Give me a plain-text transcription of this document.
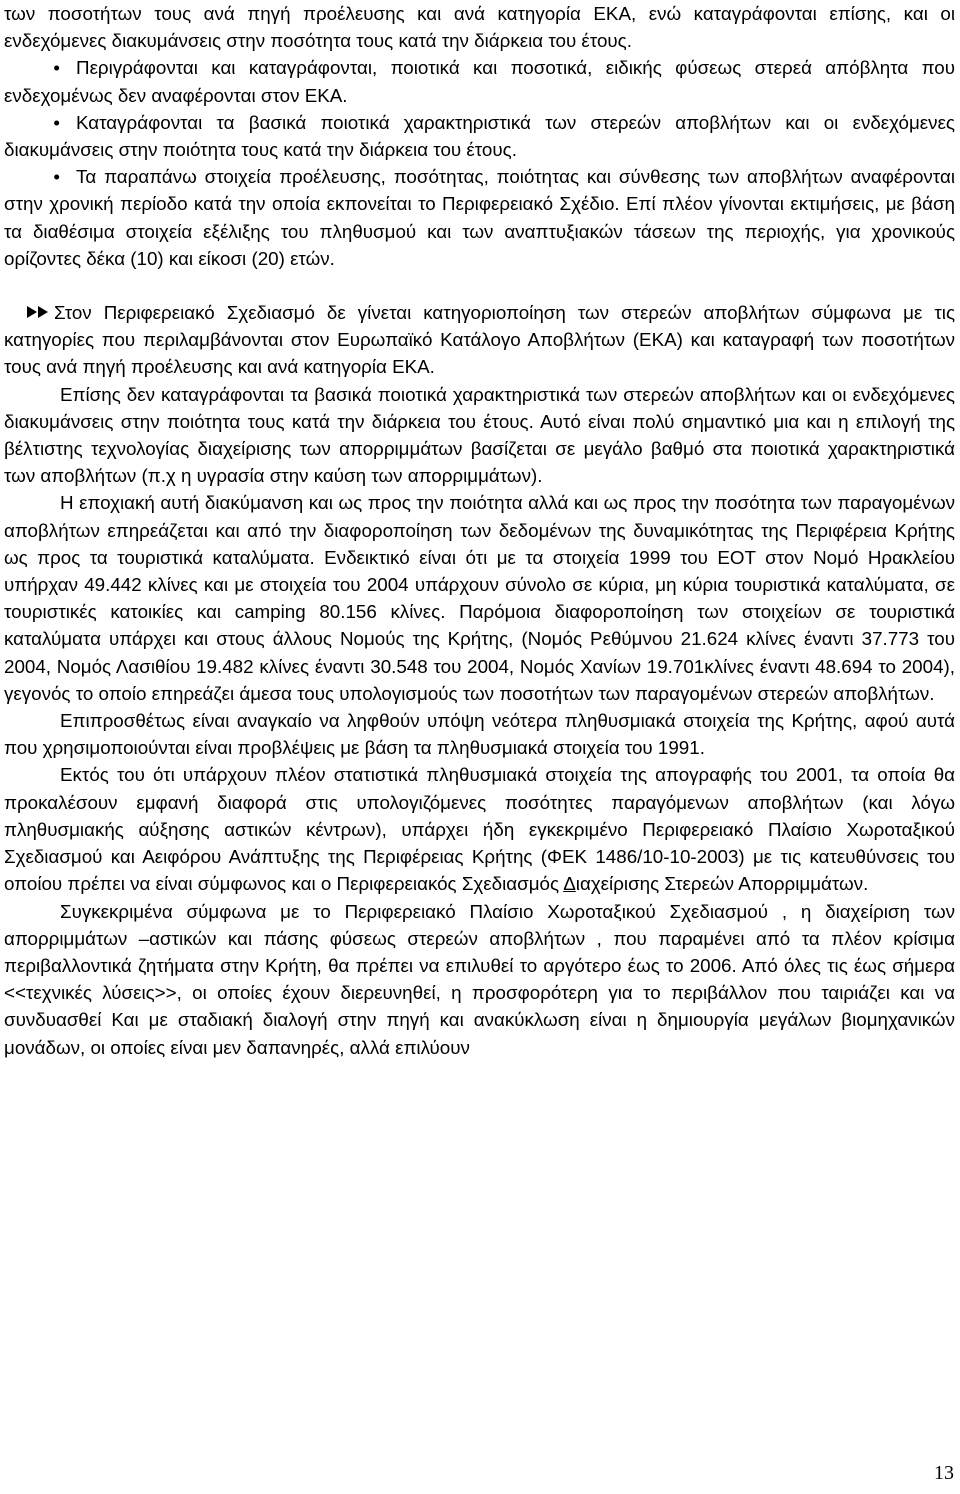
των ποσοτήτων τους ανά πηγή προέλευσης και ανά κατηγορία ΕΚΑ, ενώ καταγράφονται επίσης, και οι ενδεχόμενες διακυμάνσεις στην ποσότητα τους κατά την διάρκεια του έτους.

• Περιγράφονται και καταγράφονται, ποιοτικά και ποσοτικά, ειδικής φύσεως στερεά απόβλητα που ενδεχομένως δεν αναφέρονται στον ΕΚΑ.

• Καταγράφονται τα βασικά ποιοτικά χαρακτηριστικά των στερεών αποβλήτων και οι ενδεχόμενες διακυμάνσεις στην ποιότητα τους κατά την διάρκεια του έτους.

• Τα παραπάνω στοιχεία προέλευσης, ποσότητας, ποιότητας και σύνθεσης των αποβλήτων αναφέρονται στην χρονική περίοδο κατά την οποία εκπονείται το Περιφερειακό Σχέδιο. Επί πλέον γίνονται εκτιμήσεις, με βάση τα διαθέσιμα στοιχεία εξέλιξης του πληθυσμού και των αναπτυξιακών τάσεων της περιοχής, για χρονικούς ορίζοντες δέκα (10) και είκοσι (20) ετών.

Στον Περιφερειακό Σχεδιασμό δε γίνεται κατηγοριοποίηση των στερεών αποβλήτων σύμφωνα με τις κατηγορίες που περιλαμβάνονται στον Ευρωπαϊκό Κατάλογο Αποβλήτων (ΕΚΑ) και καταγραφή των ποσοτήτων τους ανά πηγή προέλευσης και ανά κατηγορία ΕΚΑ.

Επίσης δεν καταγράφονται τα βασικά ποιοτικά χαρακτηριστικά των στερεών αποβλήτων και οι ενδεχόμενες διακυμάνσεις στην ποιότητα τους κατά την διάρκεια του έτους. Αυτό είναι πολύ σημαντικό μια και η επιλογή της βέλτιστης τεχνολογίας διαχείρισης των απορριμμάτων βασίζεται σε μεγάλο βαθμό στα ποιοτικά χαρακτηριστικά των αποβλήτων (π.χ η υγρασία στην καύση των απορριμμάτων).

Η εποχιακή αυτή διακύμανση και ως προς την ποιότητα αλλά και ως προς την ποσότητα των παραγομένων αποβλήτων επηρεάζεται και από την διαφοροποίηση των δεδομένων της δυναμικότητας της Περιφέρεια Κρήτης ως προς τα τουριστικά καταλύματα. Ενδεικτικό είναι ότι με τα στοιχεία 1999 του ΕΟΤ στον Νομό Ηρακλείου υπήρχαν 49.442 κλίνες και με στοιχεία του 2004 υπάρχουν σύνολο σε κύρια, μη κύρια τουριστικά καταλύματα, σε τουριστικές κατοικίες και camping 80.156 κλίνες. Παρόμοια διαφοροποίηση των στοιχείων σε τουριστικά καταλύματα υπάρχει και στους άλλους Νομούς της Κρήτης, (Νομός Ρεθύμνου 21.624 κλίνες έναντι 37.773 του 2004, Νομός Λασιθίου 19.482 κλίνες έναντι 30.548 του 2004, Νομός Χανίων 19.701κλίνες έναντι 48.694 το 2004), γεγονός το οποίο επηρεάζει άμεσα τους υπολογισμούς των ποσοτήτων των παραγομένων στερεών αποβλήτων.

Επιπροσθέτως είναι αναγκαίο να ληφθούν υπόψη νεότερα πληθυσμιακά στοιχεία της Κρήτης, αφού αυτά που χρησιμοποιούνται είναι προβλέψεις με βάση τα πληθυσμιακά στοιχεία του 1991.

Εκτός του ότι υπάρχουν πλέον στατιστικά πληθυσμιακά στοιχεία της απογραφής του 2001, τα οποία θα προκαλέσουν εμφανή διαφορά στις υπολογιζόμενες ποσότητες παραγόμενων αποβλήτων (και λόγω πληθυσμιακής αύξησης αστικών κέντρων), υπάρχει ήδη εγκεκριμένο Περιφερειακό Πλαίσιο Χωροταξικού Σχεδιασμού και Αειφόρου Ανάπτυξης της Περιφέρειας Κρήτης (ΦΕΚ 1486/10-10-2003) με τις κατευθύνσεις του οποίου πρέπει να είναι σύμφωνος και ο Περιφερειακός Σχεδιασμός Διαχείρισης Στερεών Απορριμμάτων.

Συγκεκριμένα σύμφωνα με το Περιφερειακό Πλαίσιο Χωροταξικού Σχεδιασμού , η διαχείριση των απορριμμάτων –αστικών και πάσης φύσεως στερεών αποβλήτων , που παραμένει από τα πλέον κρίσιμα περιβαλλοντικά ζητήματα στην Κρήτη, θα πρέπει να επιλυθεί το αργότερο έως το 2006. Από όλες τις έως σήμερα <<τεχνικές λύσεις>>, οι οποίες έχουν διερευνηθεί, η προσφορότερη για το περιβάλλον που ταιριάζει και να συνδυασθεί Και με σταδιακή διαλογή στην πηγή και ανακύκλωση είναι η δημιουργία μεγάλων βιομηχανικών μονάδων, οι οποίες είναι μεν δαπανηρές, αλλά επιλύουν

13
